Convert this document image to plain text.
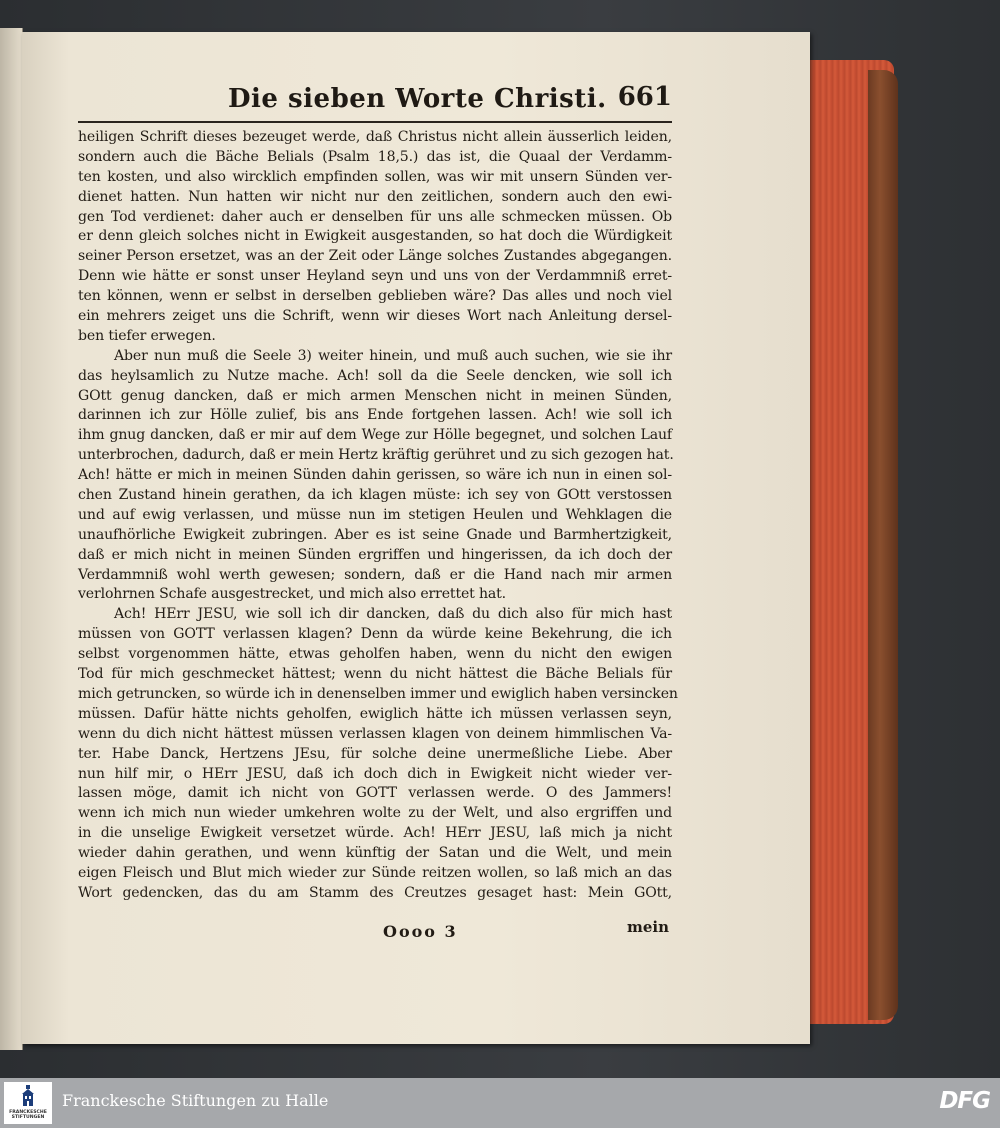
Die sieben Worte Christi. 661
heiligen Schrift dieses bezeuget werde, daß Christus nicht allein äusserlich leiden,
sondern auch die Bäche Belials (Psalm 18,5.) das ist, die Quaal der Verdamm-
ten kosten, und also wircklich empfinden sollen, was wir mit unsern Sünden ver-
dienet hatten. Nun hatten wir nicht nur den zeitlichen, sondern auch den ewi-
gen Tod verdienet: daher auch er denselben für uns alle schmecken müssen. Ob
er denn gleich solches nicht in Ewigkeit ausgestanden, so hat doch die Würdigkeit
seiner Person ersetzet, was an der Zeit oder Länge solches Zustandes abgegangen.
Denn wie hätte er sonst unser Heyland seyn und uns von der Verdammniß erret-
ten können, wenn er selbst in derselben geblieben wäre? Das alles und noch viel
ein mehrers zeiget uns die Schrift, wenn wir dieses Wort nach Anleitung dersel-
ben tiefer erwegen.
Aber nun muß die Seele 3) weiter hinein, und muß auch suchen, wie sie ihr
das heylsamlich zu Nutze mache. Ach! soll da die Seele dencken, wie soll ich
GOtt genug dancken, daß er mich armen Menschen nicht in meinen Sünden,
darinnen ich zur Hölle zulief, bis ans Ende fortgehen lassen. Ach! wie soll ich
ihm gnug dancken, daß er mir auf dem Wege zur Hölle begegnet, und solchen Lauf
unterbrochen, dadurch, daß er mein Hertz kräftig gerühret und zu sich gezogen hat.
Ach! hätte er mich in meinen Sünden dahin gerissen, so wäre ich nun in einen sol-
chen Zustand hinein gerathen, da ich klagen müste: ich sey von GOtt verstossen
und auf ewig verlassen, und müsse nun im stetigen Heulen und Wehklagen die
unaufhörliche Ewigkeit zubringen. Aber es ist seine Gnade und Barmhertzigkeit,
daß er mich nicht in meinen Sünden ergriffen und hingerissen, da ich doch der
Verdammniß wohl werth gewesen; sondern, daß er die Hand nach mir armen
verlohrnen Schafe ausgestrecket, und mich also errettet hat.
Ach! HErr JESU, wie soll ich dir dancken, daß du dich also für mich hast
müssen von GOTT verlassen klagen? Denn da würde keine Bekehrung, die ich
selbst vorgenommen hätte, etwas geholfen haben, wenn du nicht den ewigen
Tod für mich geschmecket hättest; wenn du nicht hättest die Bäche Belials für
mich getruncken, so würde ich in denenselben immer und ewiglich haben versincken
müssen. Dafür hätte nichts geholfen, ewiglich hätte ich müssen verlassen seyn,
wenn du dich nicht hättest müssen verlassen klagen von deinem himmlischen Va-
ter. Habe Danck, Hertzens JEsu, für solche deine unermeßliche Liebe. Aber
nun hilf mir, o HErr JESU, daß ich doch dich in Ewigkeit nicht wieder ver-
lassen möge, damit ich nicht von GOTT verlassen werde. O des Jammers!
wenn ich mich nun wieder umkehren wolte zu der Welt, und also ergriffen und
in die unselige Ewigkeit versetzet würde. Ach! HErr JESU, laß mich ja nicht
wieder dahin gerathen, und wenn künftig der Satan und die Welt, und mein
eigen Fleisch und Blut mich wieder zur Sünde reitzen wollen, so laß mich an das
Wort gedencken, das du am Stamm des Creutzes gesaget hast: Mein GOtt,
Oooo 3	mein
FRANCKESCHE STIFTUNGEN
Franckesche Stiftungen zu Halle	DFG
